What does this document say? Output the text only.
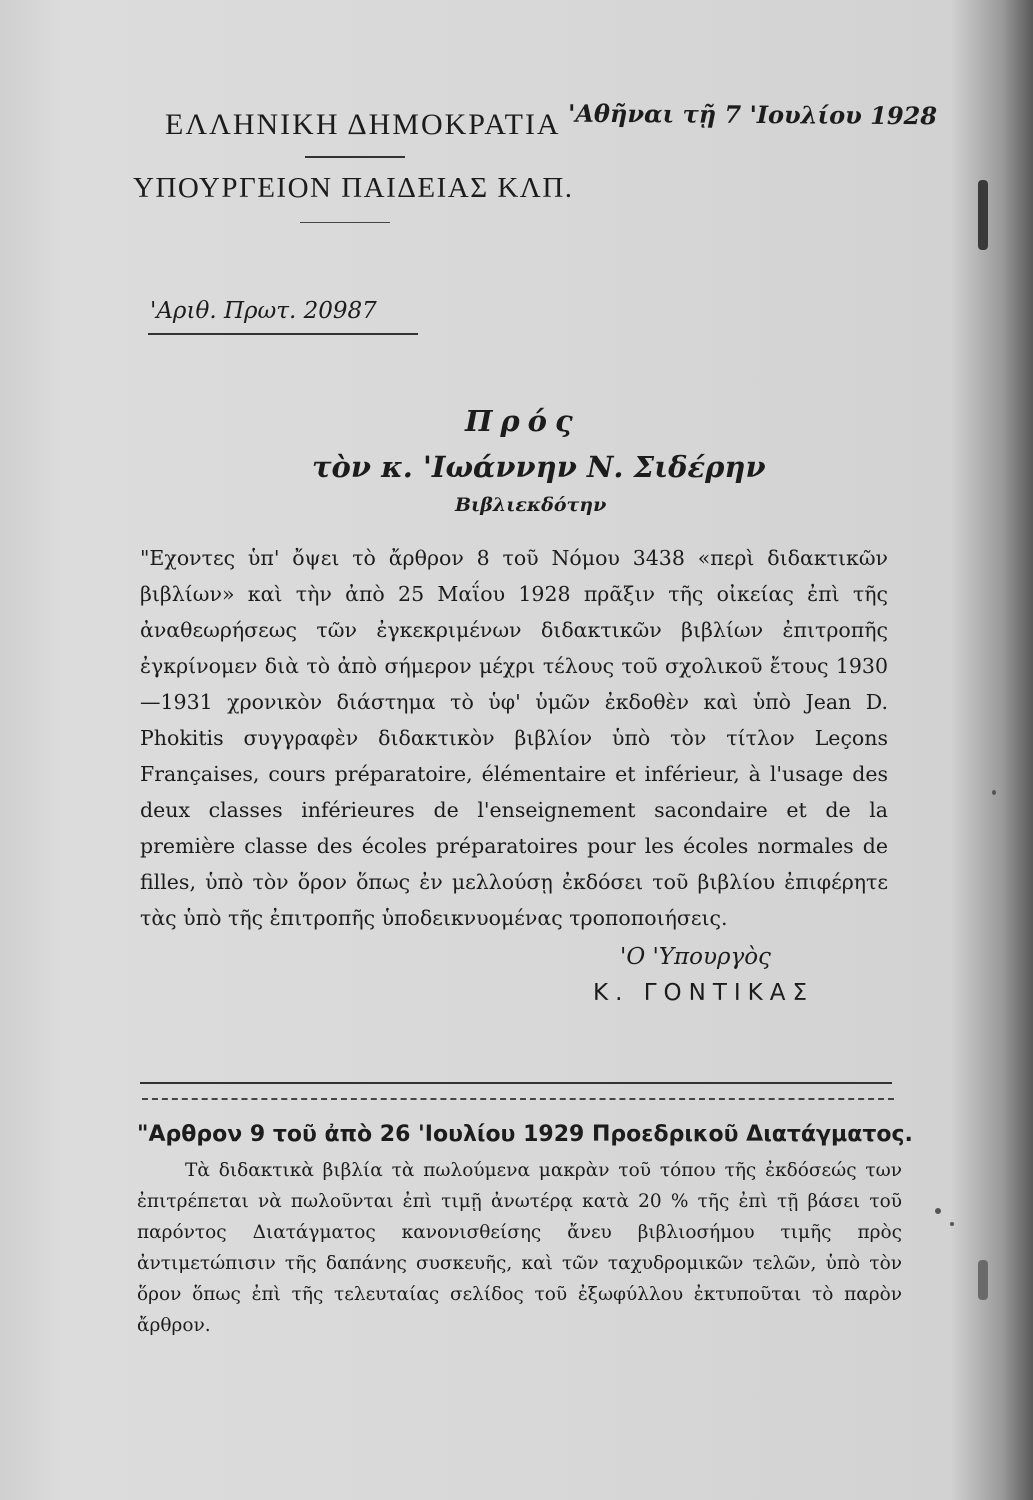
ΕΛΛΗΝΙΚΗ ΔΗΜΟΚΡΑΤΙΑ 'Αθῆναι τῇ 7 'Ιουλίου 1928
ΥΠΟΥΡΓΕΙΟΝ ΠΑΙΔΕΙΑΣ ΚΛΠ.
'Αριθ. Πρωτ. 20987
Πρός
τὸν κ. 'Ιωάννην Ν. Σιδέρην
Βιβλιεκδότην
"Εχοντες ὑπ' ὄψει τὸ ἄρθρον 8 τοῦ Νόμου 3438 «περὶ διδακτικῶν βιβλίων» καὶ τὴν ἀπὸ 25 Μαΐου 1928 πρᾶξιν τῆς οἰκείας ἐπὶ τῆς ἀναθεωρήσεως τῶν ἐγκεκριμένων διδακτικῶν βιβλίων ἐπιτροπῆς ἐγκρίνομεν διὰ τὸ ἀπὸ σήμερον μέχρι τέλους τοῦ σχολικοῦ ἔτους 1930—1931 χρονικὸν διάστημα τὸ ὑφ' ὑμῶν ἐκδοθὲν καὶ ὑπὸ Jean D. Phokitis συγγραφὲν διδακτικὸν βιβλίον ὑπὸ τὸν τίτλον Leçons Françaises, cours préparatoire, élémentaire et inférieur, à l'usage des deux classes inférieures de l'enseignement sacondaire et de la première classe des écoles préparatoires pour les écoles normales de filles, ὑπὸ τὸν ὅρον ὅπως ἐν μελλούσῃ ἐκδόσει τοῦ βιβλίου ἐπιφέρητε τὰς ὑπὸ τῆς ἐπιτροπῆς ὑποδεικνυομένας τροποποιήσεις.
'Ο 'Υπουργὸς
Κ. ΓΟΝΤΙΚΑΣ
"Αρθρον 9 τοῦ ἀπὸ 26 'Ιουλίου 1929 Προεδρικοῦ Διατάγματος.
Τὰ διδακτικὰ βιβλία τὰ πωλούμενα μακρὰν τοῦ τόπου τῆς ἐκδόσεώς των ἐπιτρέπεται νὰ πωλοῦνται ἐπὶ τιμῇ ἀνωτέρᾳ κατὰ 20 % τῆς ἐπὶ τῇ βάσει τοῦ παρόντος Διατάγματος κανονισθείσης ἄνευ βιβλιοσήμου τιμῆς πρὸς ἀντιμετώπισιν τῆς δαπάνης συσκευῆς, καὶ τῶν ταχυδρομικῶν τελῶν, ὑπὸ τὸν ὅρον ὅπως ἐπὶ τῆς τελευταίας σελίδος τοῦ ἐξωφύλλου ἐκτυποῦται τὸ παρὸν ἄρθρον.
